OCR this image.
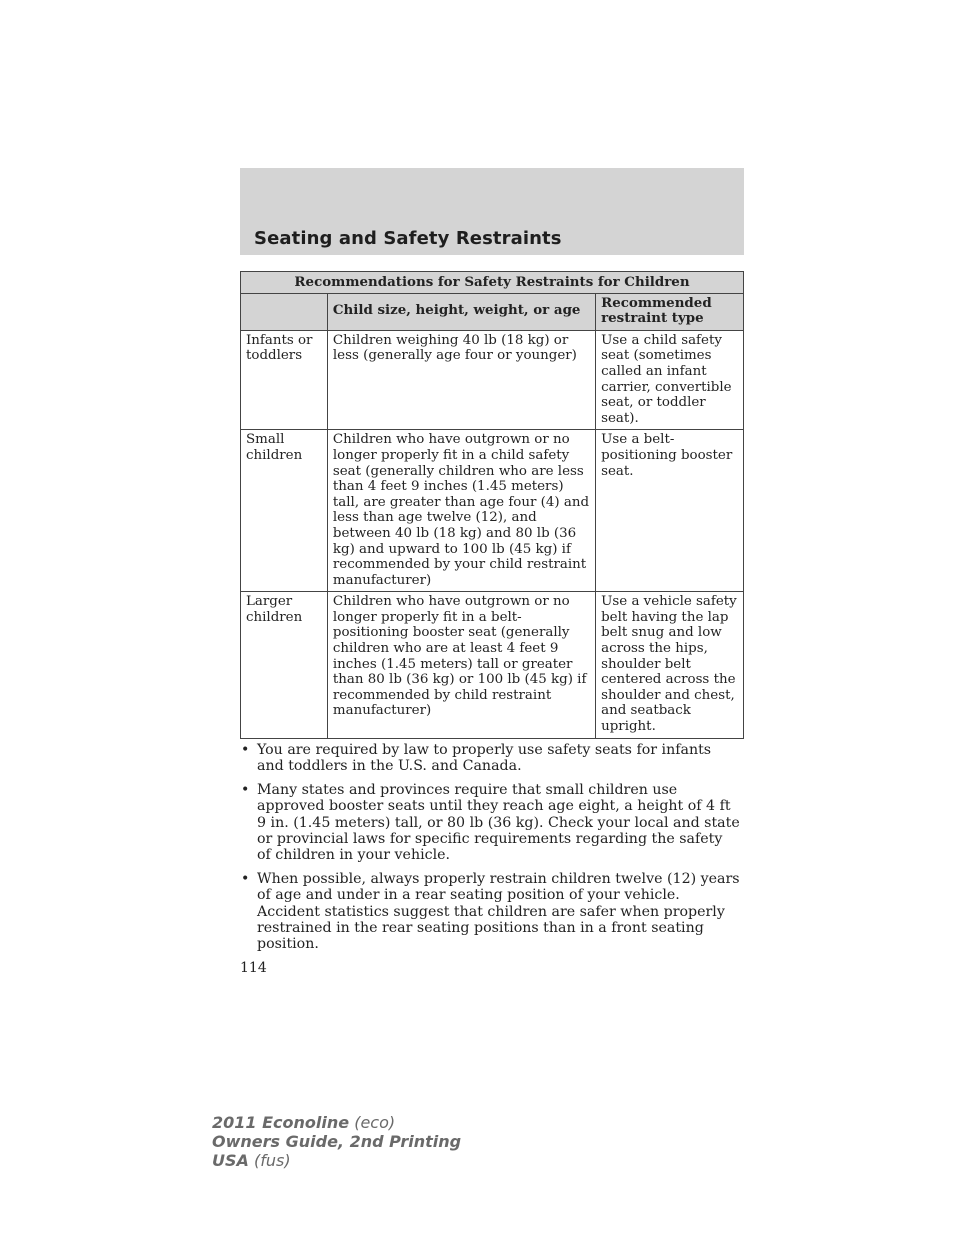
Seating and Safety Restraints
Recommendations for Safety Restraints for Children		
	Child size, height, weight, or age	Recommended restraint type
Infants or toddlers	Children weighing 40 lb (18 kg) or less (generally age four or younger)	Use a child safety seat (sometimes called an infant carrier, convertible seat, or toddler seat).
Small children	Children who have outgrown or no longer properly fit in a child safety seat (generally children who are less than 4 feet 9 inches (1.45 meters) tall, are greater than age four (4) and less than age twelve (12), and between 40 lb (18 kg) and 80 lb (36 kg) and upward to 100 lb (45 kg) if recommended by your child restraint manufacturer)	Use a belt-positioning booster seat.
Larger children	Children who have outgrown or no longer properly fit in a belt-positioning booster seat (generally children who are at least 4 feet 9 inches (1.45 meters) tall or greater than 80 lb (36 kg) or 100 lb (45 kg) if recommended by child restraint manufacturer)	Use a vehicle safety belt having the lap belt snug and low across the hips, shoulder belt centered across the shoulder and chest, and seatback upright.
• You are required by law to properly use safety seats for infants and toddlers in the U.S. and Canada.
• Many states and provinces require that small children use approved booster seats until they reach age eight, a height of 4 ft 9 in. (1.45 meters) tall, or 80 lb (36 kg). Check your local and state or provincial laws for specific requirements regarding the safety of children in your vehicle.
• When possible, always properly restrain children twelve (12) years of age and under in a rear seating position of your vehicle. Accident statistics suggest that children are safer when properly restrained in the rear seating positions than in a front seating position.
114
2011 Econoline (eco)
Owners Guide, 2nd Printing
USA (fus)
